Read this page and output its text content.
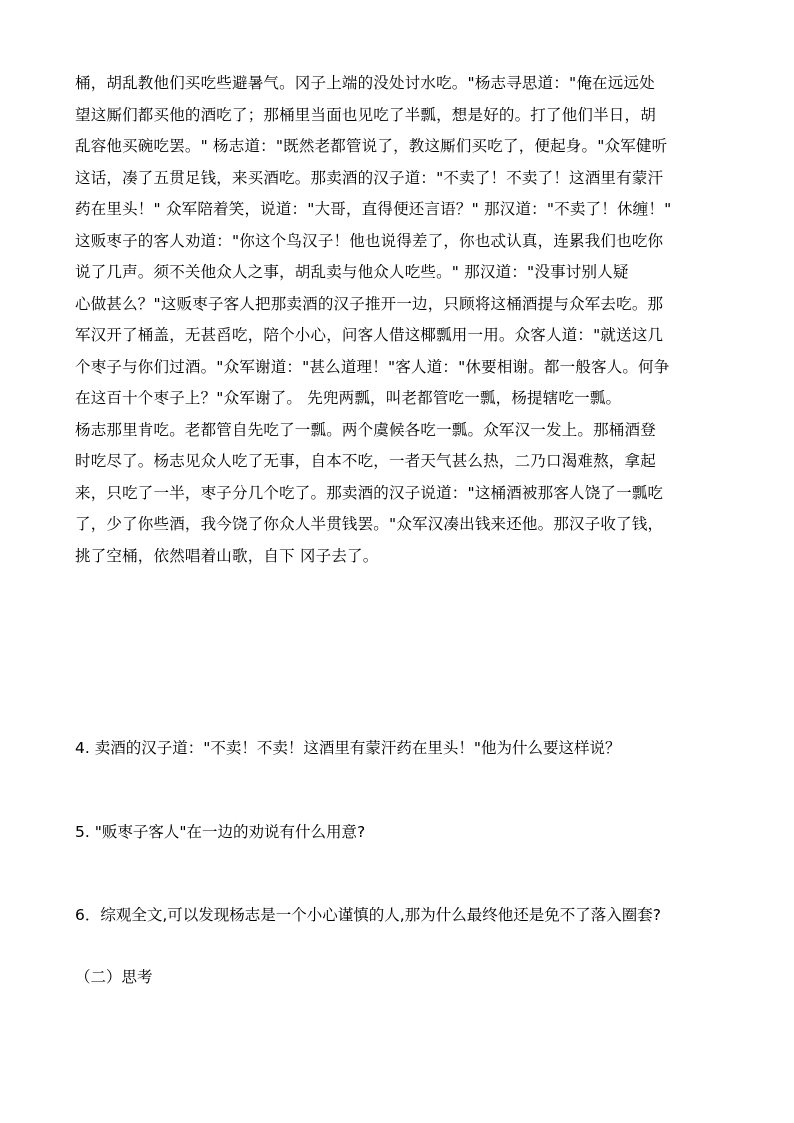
桶，胡乱教他们买吃些避暑气。冈子上端的没处讨水吃。"杨志寻思道："俺在远远处
望这厮们都买他的酒吃了；那桶里当面也见吃了半瓢，想是好的。打了他们半日，胡
乱容他买碗吃罢。" 杨志道："既然老都管说了，教这厮们买吃了，便起身。"众军健听
这话，凑了五贯足钱，来买酒吃。那卖酒的汉子道："不卖了！不卖了！这酒里有蒙汗
药在里头！" 众军陪着笑，说道："大哥，直得便还言语？" 那汉道："不卖了！休缠！"
这贩枣子的客人劝道："你这个鸟汉子！他也说得差了，你也忒认真，连累我们也吃你
说了几声。须不关他众人之事，胡乱卖与他众人吃些。" 那汉道："没事讨别人疑
心做甚么？"这贩枣子客人把那卖酒的汉子推开一边，只顾将这桶酒提与众军去吃。那
军汉开了桶盖，无甚舀吃，陪个小心，问客人借这椰瓢用一用。众客人道："就送这几
个枣子与你们过酒。"众军谢道："甚么道理！"客人道："休要相谢。都一般客人。何争
在这百十个枣子上？"众军谢了。 先兜两瓢，叫老都管吃一瓢，杨提辖吃一瓢。
杨志那里肯吃。老都管自先吃了一瓢。两个虞候各吃一瓢。众军汉一发上。那桶酒登
时吃尽了。杨志见众人吃了无事，自本不吃，一者天气甚么热，二乃口渴难熬，拿起
来，只吃了一半，枣子分几个吃了。那卖酒的汉子说道："这桶酒被那客人饶了一瓢吃
了，少了你些酒，我今饶了你众人半贯钱罢。"众军汉凑出钱来还他。那汉子收了钱，
挑了空桶，依然唱着山歌，自下 冈子去了。
4. 卖酒的汉子道："不卖！不卖！这酒里有蒙汗药在里头！"他为什么要这样说？
5. "贩枣子客人"在一边的劝说有什么用意?
6．综观全文,可以发现杨志是一个小心谨慎的人,那为什么最终他还是免不了落入圈套?
（二）思考
